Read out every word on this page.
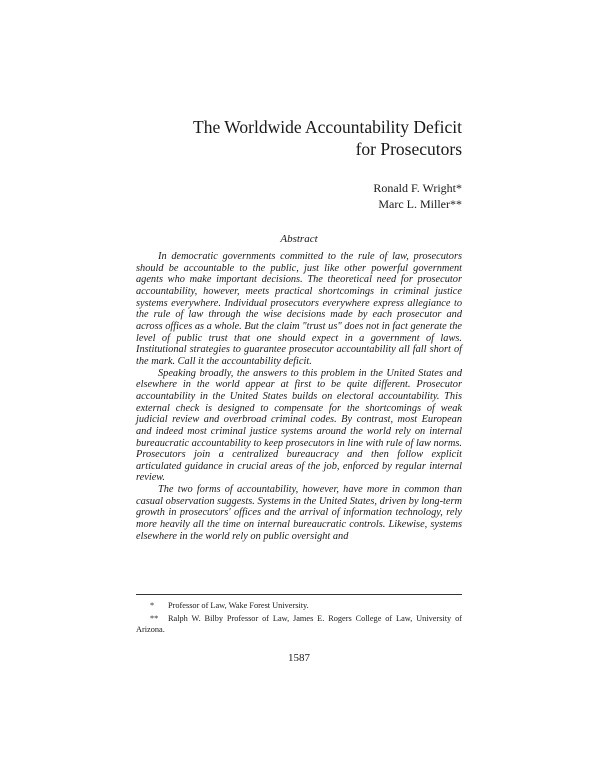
The Worldwide Accountability Deficit
for Prosecutors
Ronald F. Wright*
Marc L. Miller**
Abstract

In democratic governments committed to the rule of law, prosecutors should be accountable to the public, just like other powerful government agents who make important decisions. The theoretical need for prosecutor accountability, however, meets practical shortcomings in criminal justice systems everywhere. Individual prosecutors everywhere express allegiance to the rule of law through the wise decisions made by each prosecutor and across offices as a whole. But the claim "trust us" does not in fact generate the level of public trust that one should expect in a government of laws. Institutional strategies to guarantee prosecutor accountability all fall short of the mark. Call it the accountability deficit.

Speaking broadly, the answers to this problem in the United States and elsewhere in the world appear at first to be quite different. Prosecutor accountability in the United States builds on electoral accountability. This external check is designed to compensate for the shortcomings of weak judicial review and overbroad criminal codes. By contrast, most European and indeed most criminal justice systems around the world rely on internal bureaucratic accountability to keep prosecutors in line with rule of law norms. Prosecutors join a centralized bureaucracy and then follow explicit articulated guidance in crucial areas of the job, enforced by regular internal review.

The two forms of accountability, however, have more in common than casual observation suggests. Systems in the United States, driven by long-term growth in prosecutors' offices and the arrival of information technology, rely more heavily all the time on internal bureaucratic controls. Likewise, systems elsewhere in the world rely on public oversight and

* Professor of Law, Wake Forest University.

** Ralph W. Bilby Professor of Law, James E. Rogers College of Law, University of Arizona.

1587
